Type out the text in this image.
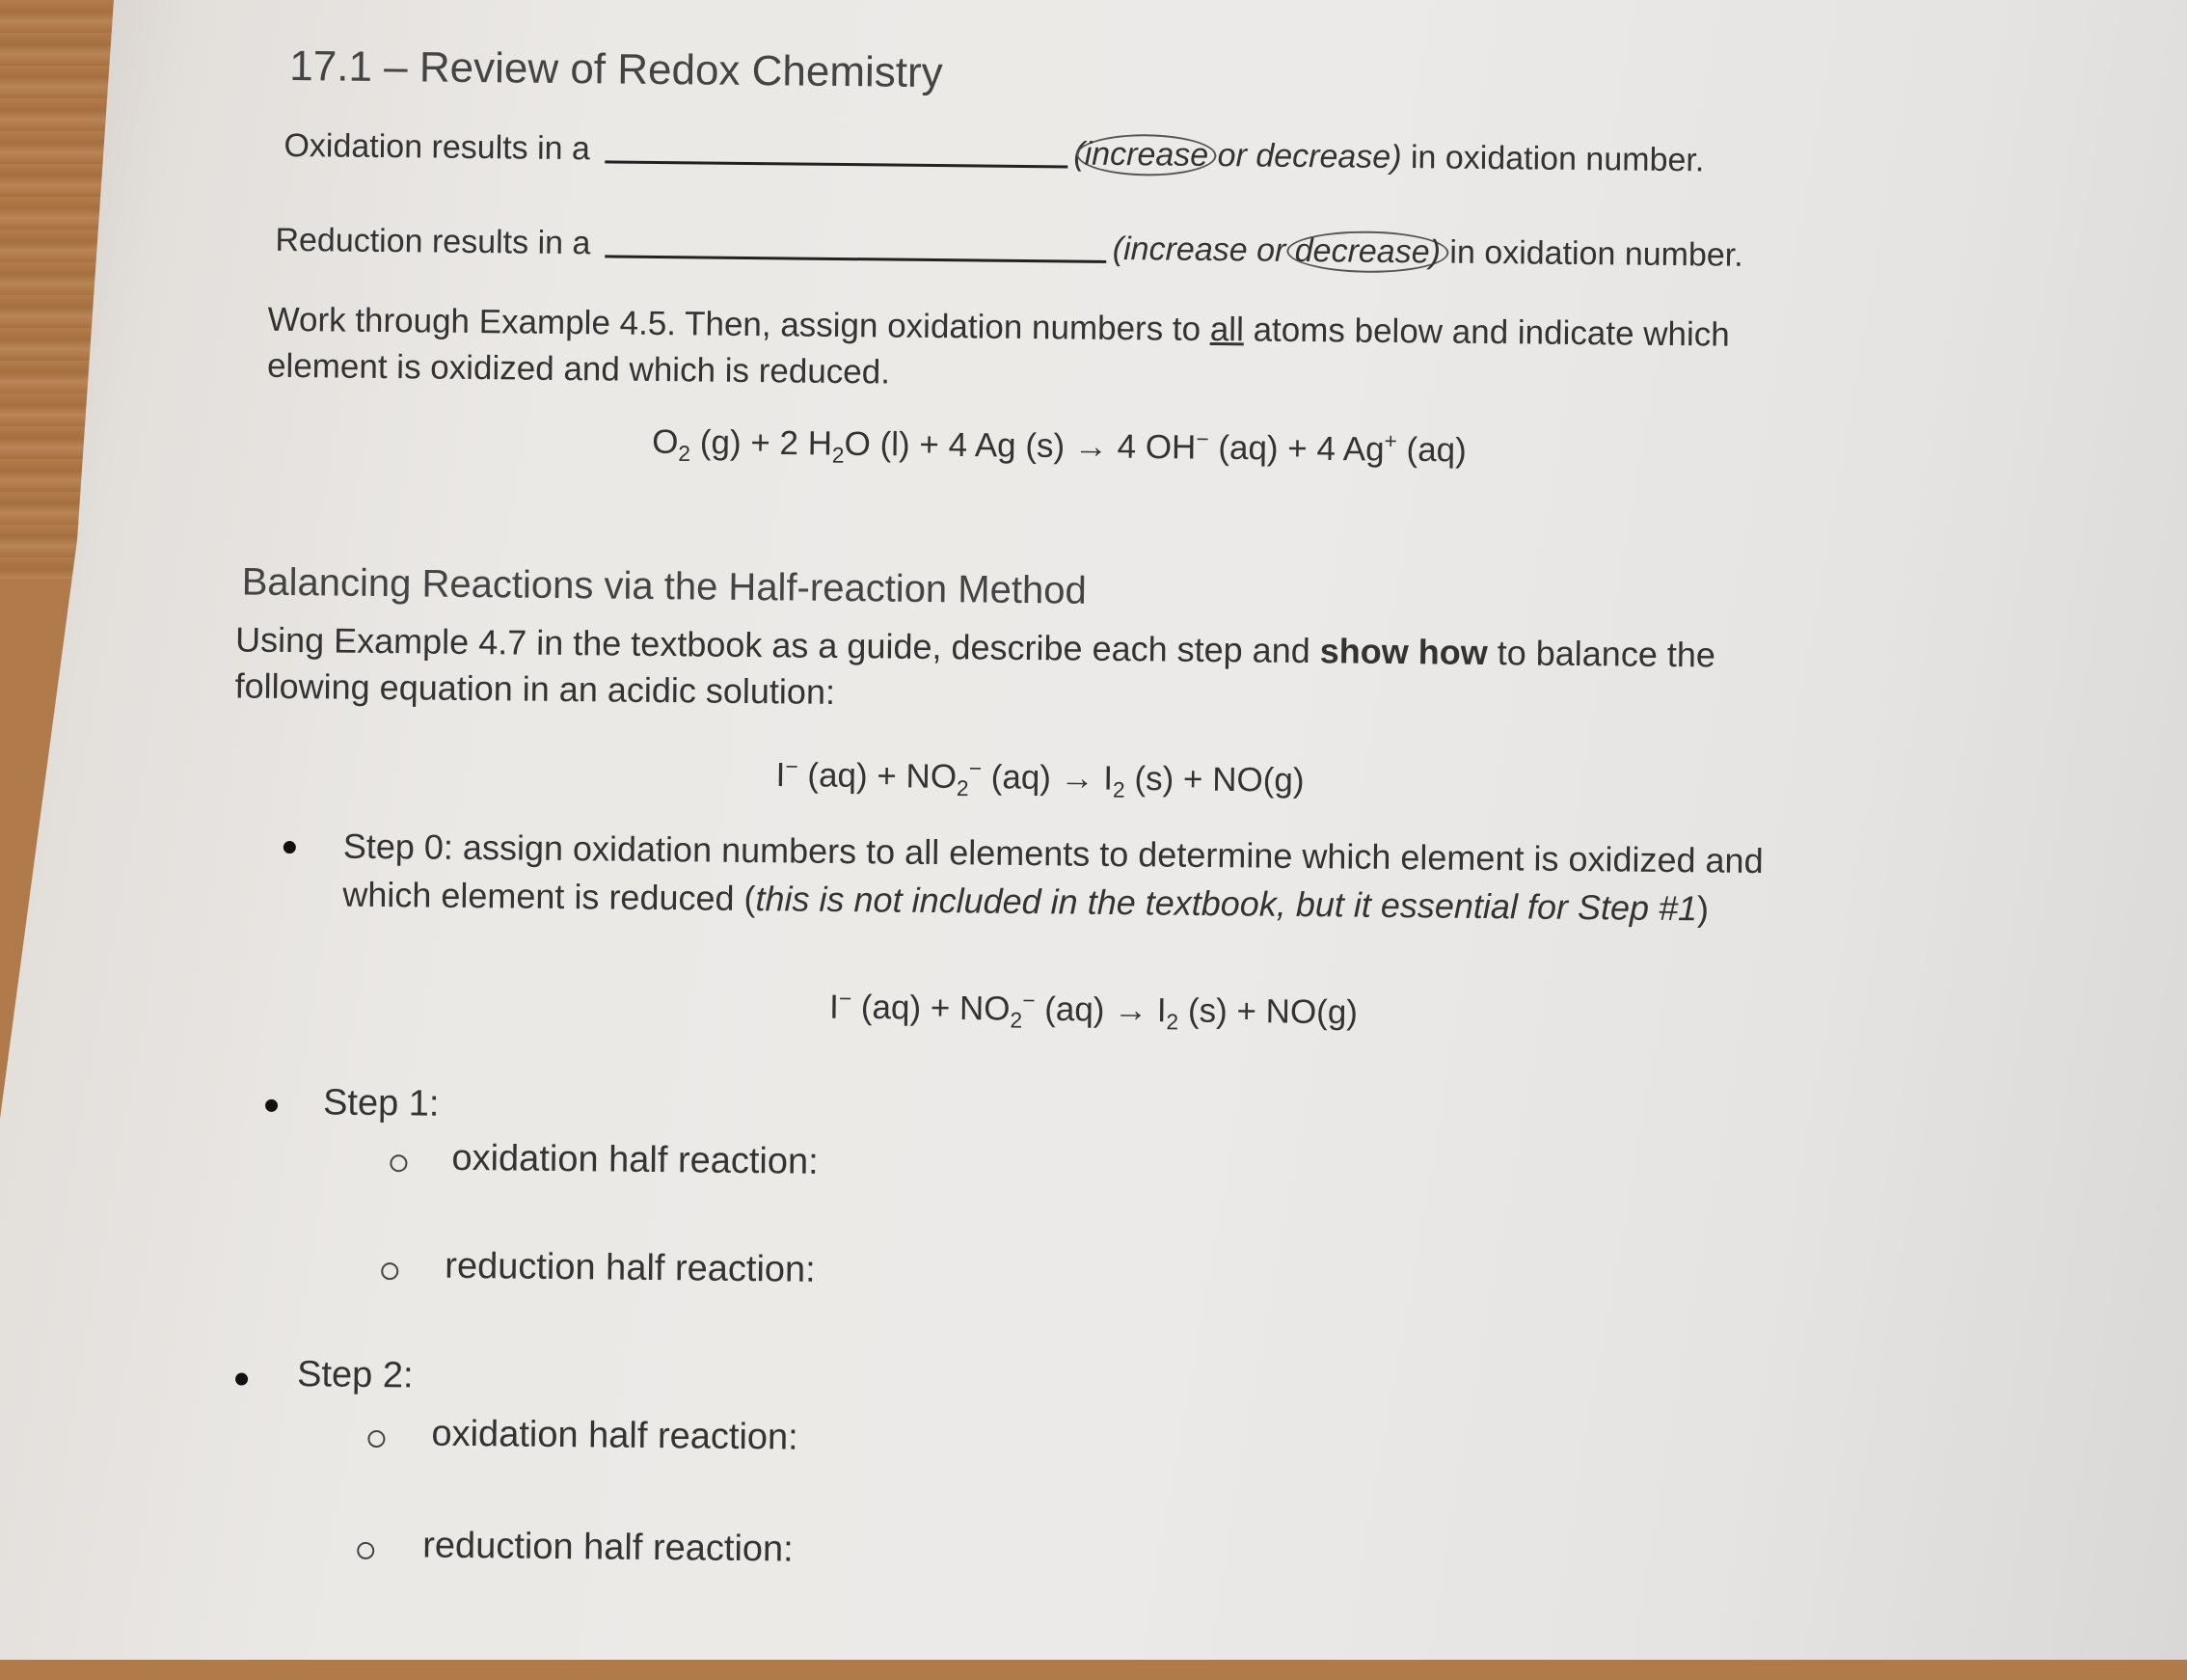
17.1 – Review of Redox Chemistry
Oxidation results in a	(increase or decrease) in oxidation number.
Reduction results in a	(increase or decrease) in oxidation number.
Work through Example 4.5. Then, assign oxidation numbers to all atoms below and indicate which
element is oxidized and which is reduced.
$O_2$ (g) + 2 $H_2O$ (l) + 4 Ag (s) → 4 OH− (aq) + 4 Ag+ (aq)
Balancing Reactions via the Half-reaction Method
Using Example 4.7 in the textbook as a guide, describe each step and show how to balance the
following equation in an acidic solution:
I− $(aq) + NO_2^-$ $(aq) \to I_2$ (s) + NO(g)
Step 0: assign oxidation numbers to all elements to determine which element is oxidized and
which element is reduced (this is not included in the textbook, but it essential for Step #1)
I− $(aq) + NO_2^-$ $(aq) \to I_2$ (s) + NO(g)
Step 1:
oxidation half reaction:
reduction half reaction:
Step 2:
oxidation half reaction:
reduction half reaction:
